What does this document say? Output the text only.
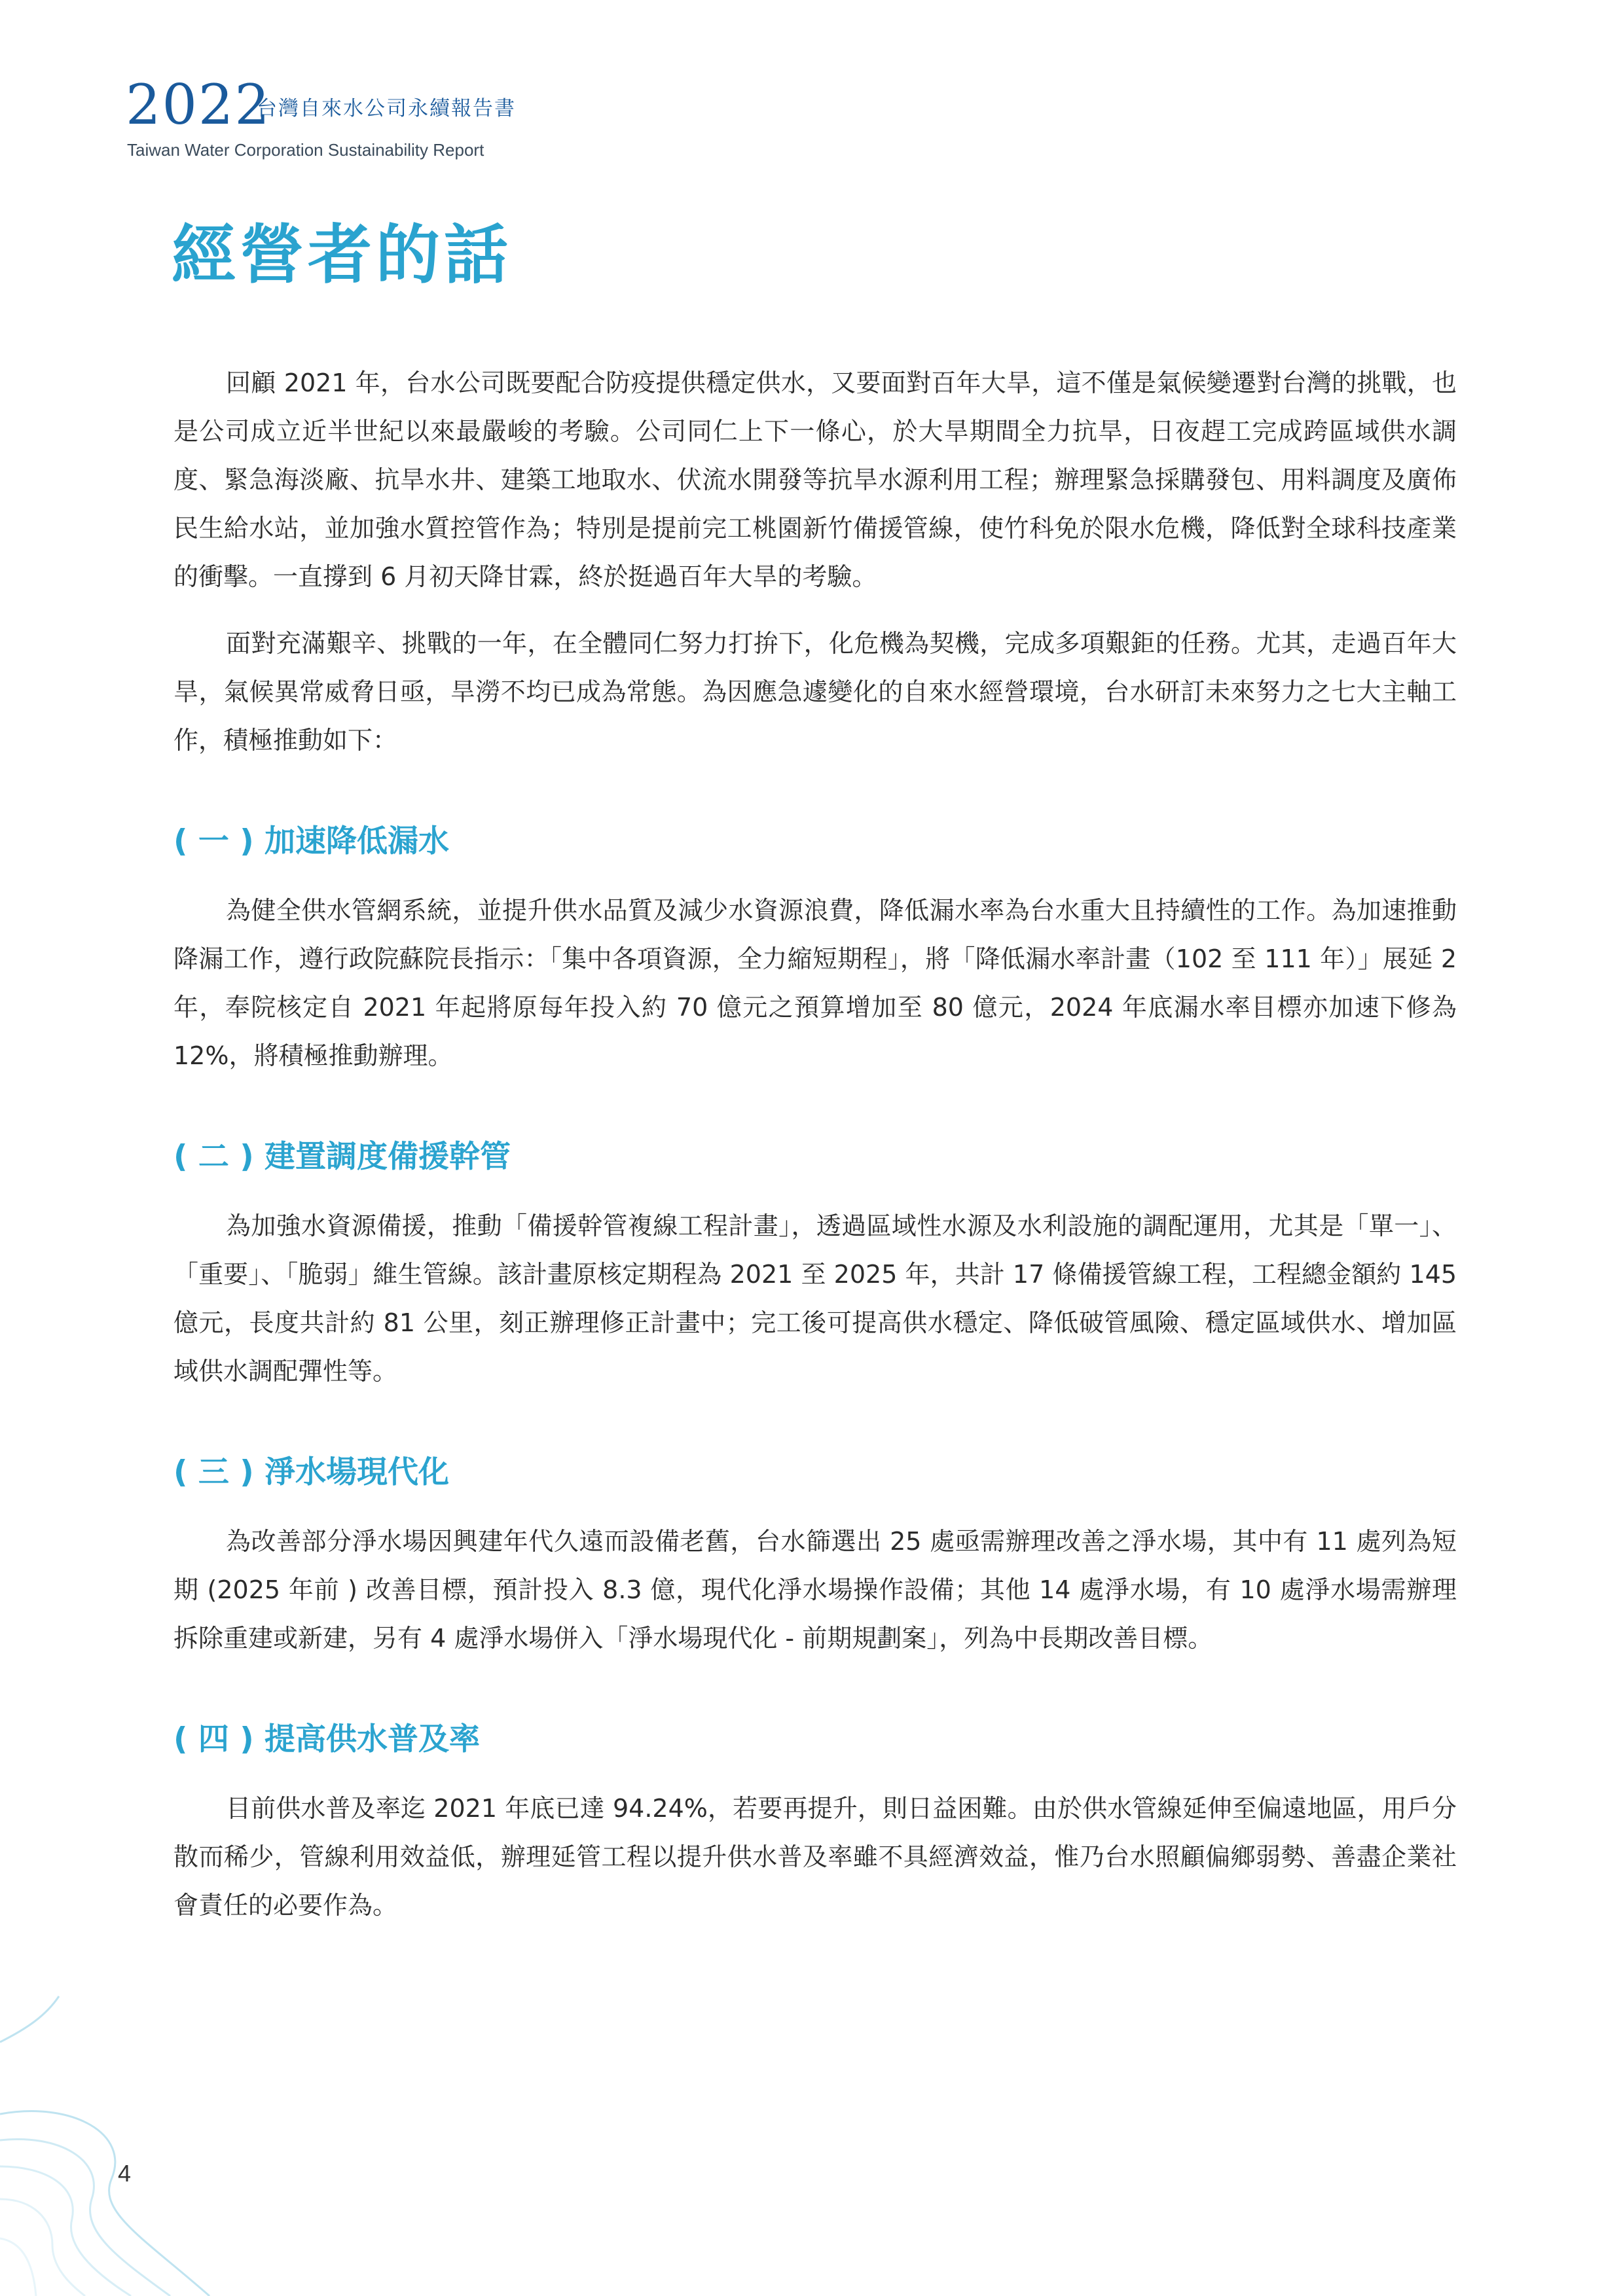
2022
台灣自來水公司永續報告書
Taiwan Water Corporation Sustainability Report
經營者的話

回顧 2021 年，台水公司既要配合防疫提供穩定供水，又要面對百年大旱，這不僅是氣候變遷對台灣的挑戰，也是公司成立近半世紀以來最嚴峻的考驗。公司同仁上下一條心，於大旱期間全力抗旱，日夜趕工完成跨區域供水調度、緊急海淡廠、抗旱水井、建築工地取水、伏流水開發等抗旱水源利用工程；辦理緊急採購發包、用料調度及廣佈民生給水站，並加強水質控管作為；特別是提前完工桃園新竹備援管線，使竹科免於限水危機，降低對全球科技產業的衝擊。一直撐到 6 月初天降甘霖，終於挺過百年大旱的考驗。

面對充滿艱辛、挑戰的一年，在全體同仁努力打拚下，化危機為契機，完成多項艱鉅的任務。尤其，走過百年大旱，氣候異常威脅日亟，旱澇不均已成為常態。為因應急遽變化的自來水經營環境，台水研訂未來努力之七大主軸工作，積極推動如下：

( 一 ) 加速降低漏水

為健全供水管網系統，並提升供水品質及減少水資源浪費，降低漏水率為台水重大且持續性的工作。為加速推動降漏工作，遵行政院蘇院長指示：「集中各項資源，全力縮短期程」，將「降低漏水率計畫（102 至 111 年）」展延 2 年，奉院核定自 2021 年起將原每年投入約 70 億元之預算增加至 80 億元，2024 年底漏水率目標亦加速下修為 12%，將積極推動辦理。

( 二 ) 建置調度備援幹管

為加強水資源備援，推動「備援幹管複線工程計畫」，透過區域性水源及水利設施的調配運用，尤其是「單一」、「重要」、「脆弱」維生管線。該計畫原核定期程為 2021 至 2025 年，共計 17 條備援管線工程，工程總金額約 145 億元，長度共計約 81 公里，刻正辦理修正計畫中；完工後可提高供水穩定、降低破管風險、穩定區域供水、增加區域供水調配彈性等。

( 三 ) 淨水場現代化

為改善部分淨水場因興建年代久遠而設備老舊，台水篩選出 25 處亟需辦理改善之淨水場，其中有 11 處列為短期 (2025 年前 ) 改善目標，預計投入 8.3 億，現代化淨水場操作設備；其他 14 處淨水場，有 10 處淨水場需辦理拆除重建或新建，另有 4 處淨水場併入「淨水場現代化 - 前期規劃案」，列為中長期改善目標。

( 四 ) 提高供水普及率

目前供水普及率迄 2021 年底已達 94.24%，若要再提升，則日益困難。由於供水管線延伸至偏遠地區，用戶分散而稀少，管線利用效益低，辦理延管工程以提升供水普及率雖不具經濟效益，惟乃台水照顧偏鄉弱勢、善盡企業社會責任的必要作為。

4
